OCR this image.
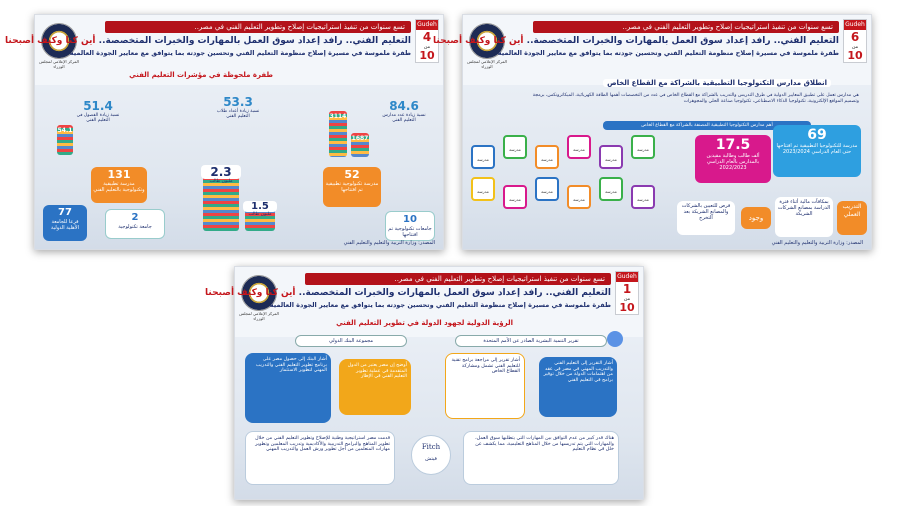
المركز الإعلامي لمجلس الوزراء
تسع سنوات من تنفيذ استراتيجيات إصلاح وتطوير التعليم الفني في مصر..	Gudeh
4
من
10
التعليم الفني.. رافد إعداد سوق العمل بالمهارات والخبرات المتخصصة.. أين كنا وكيف أصبحنا
طفرة ملموسة في مسيرة إصلاح منظومة التعليم الفني وتحسين جودته بما يتوافق مع معايير الجودة العالمية
طفرة ملحوظة في مؤشرات التعليم الفني
84.6
نسبة زيادة عدد مدارس التعليم الفني
53.3
نسبة زيادة أعداد طلاب التعليم الفني
51.4
نسبة زيادة الفصول في التعليم الفني
3114
1687
54.1
2.3
مليون طالب
1.5
مليون طالب
131
مدرسة تطبيقية وتكنولوجية بالتعليم الفني
52
مدرسة تكنولوجية تطبيقية تم افتتاحها
77
فرعا للجامعة الأهلية الدولية
2
جامعة تكنولوجية
10
جامعات تكنولوجية تم افتتاحها
المصدر: وزارة التربية والتعليم والتعليم الفني
المركز الإعلامي لمجلس الوزراء
تسع سنوات من تنفيذ استراتيجيات إصلاح وتطوير التعليم الفني في مصر..	Gudeh
6
من
10
التعليم الفني.. رافد إعداد سوق العمل بالمهارات والخبرات المتخصصة.. أين كنا وكيف أصبحنا
طفرة ملموسة في مسيرة إصلاح منظومة التعليم الفني وتحسين جودته بما يتوافق مع معايير الجودة العالمية
انطلاق مدارس التكنولوجيا التطبيقية بالشراكة مع القطاع الخاص
هي مدارس تعمل على تطبيق المعايير الدولية في طرق التدريس والتدريب بالشراكة مع القطاع الخاص في عدد من التخصصات أهمها الطاقة الكهربائية، الميكاترونكس، برمجة وتصميم المواقع الإلكترونية، تكنولوجيا الذكاء الاصطناعي، تكنولوجيا صناعة الحلي والمجوهرات
أهم مدارس التكنولوجيا التطبيقية المصنفة بالشراكة مع القطاع الخاص
69
مدرسة للتكنولوجيا التطبيقية تم افتتاحها حتى العام الدراسي 2023/2024
17.5
ألف طالب وطالبة مقيدين بالمدارس بالعام الدراسي 2022/2023
مدرسة
مدرسة
مدرسة
مدرسة
مدرسة
مدرسة
مدرسة
مدرسة
مدرسة
مدرسة
مدرسة
مدرسة
فرص للتعيين بالشركات والمصانع الشريكة بعد التخرج	وجود
بمكافآت مالية أثناء فترة الدراسة بمصانع الشركات الشريكة
التدريب العملي
المصدر: وزارة التربية والتعليم والتعليم الفني
المركز الإعلامي لمجلس الوزراء
تسع سنوات من تنفيذ استراتيجيات إصلاح وتطوير التعليم الفني في مصر..	Gudeh
1
من
10
التعليم الفني.. رافد إعداد سوق العمل بالمهارات والخبرات المتخصصة.. أين كنا وكيف أصبحنا
طفرة ملموسة في مسيرة إصلاح منظومة التعليم الفني وتحسين جودته بما يتوافق مع معايير الجودة العالمية
الرؤية الدولية لجهود الدولة في تطوير التعليم الفني
مجموعة البنك الدولي	تقرير التنمية البشرية الصادر عن الأمم المتحدة
أشار البنك إلى حصول مصر على برنامج تطوير التعليم الفني والتدريب المهني لتطوير الاستثمار
أوضح إن مصر يعتبر من الدول المتقدمة في عملية تطوير التعليم الفني في الإطار
أشار تقرير إلى مراجعة برامج تقنية للتعليم الفني تشمل ومشاركة القطاع الخاص
أشار التقرير إلى التعليم الفني والتدريب المهني في مصر في عقد من اهتمامات الدولة من خلال توفير برامج في التعليم الفني
قدمت مصر استراتيجية وطنية للإصلاح وتطوير التعليم الفني من خلال تطوير المناهج والبرامج التدريبية والأكاديمية وتدريب المعلمين وتطوير مهارات المتعلمين من أجل تطوير ورش العمل والتدريب المهني	Fitch
فيتش
هناك قدر كبير من عدم التوافق بين المهارات التي يتطلبها سوق العمل، والمهارات التي يتم تدريسها من خلال المناهج التعليمية، مما يكشف عن خلل في نظام التعليم
